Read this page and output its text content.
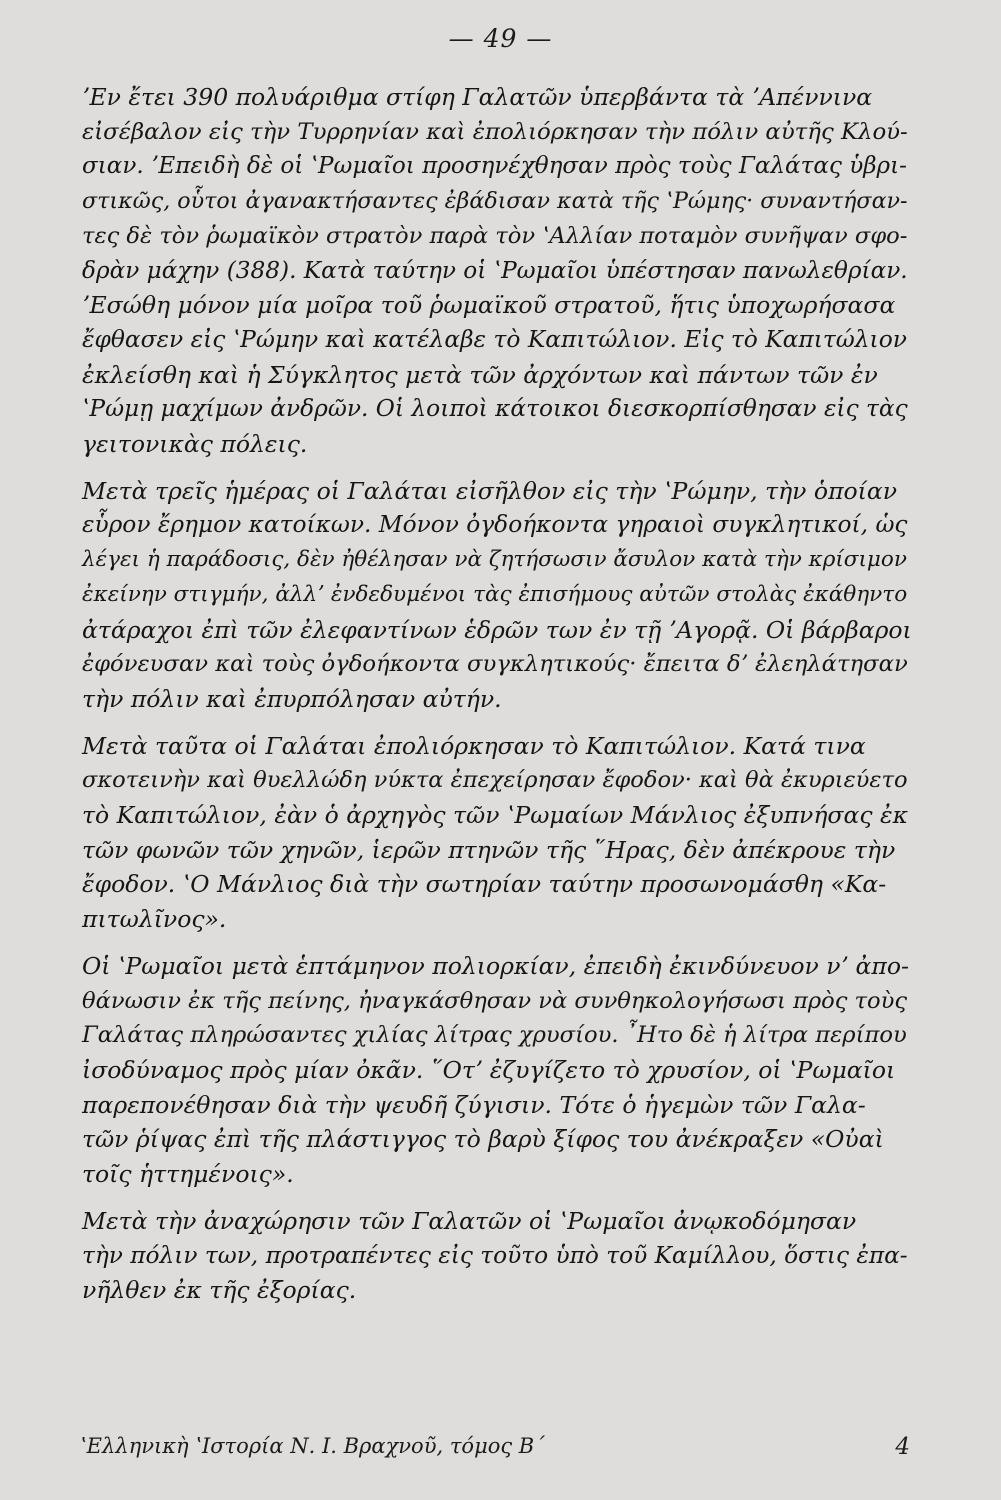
— 49 —

ʼΕν ἔτει 390 πολυάριθμα στίφη Γαλατῶν ὑπερβάντα τὰ ʼΑπέννινα
εἰσέβαλον εἰς τὴν Τυρρηνίαν καὶ ἐπολιόρκησαν τὴν πόλιν αὐτῆς Κλού-
σιαν. ʼΕπειδὴ δὲ οἱ ʽΡωμαῖοι προσηνέχθησαν πρὸς τοὺς Γαλάτας ὑβρι-
στικῶς, οὗτοι ἀγανακτήσαντες ἐβάδισαν κατὰ τῆς ʽΡώμης· συναντήσαν-
τες δὲ τὸν ῥωμαϊκὸν στρατὸν παρὰ τὸν ʽΑλλίαν ποταμὸν συνῆψαν σφο-
δρὰν μάχην (388). Κατὰ ταύτην οἱ ʽΡωμαῖοι ὑπέστησαν πανωλεθρίαν.
ʼΕσώθη μόνον μία μοῖρα τοῦ ῥωμαϊκοῦ στρατοῦ, ἥτις ὑποχωρήσασα
ἔφθασεν εἰς ʽΡώμην καὶ κατέλαβε τὸ Καπιτώλιον. Εἰς τὸ Καπιτώλιον
ἐκλείσθη καὶ ἡ Σύγκλητος μετὰ τῶν ἀρχόντων καὶ πάντων τῶν ἐν
ʽΡώμῃ μαχίμων ἀνδρῶν. Οἱ λοιποὶ κάτοικοι διεσκορπίσθησαν εἰς τὰς
γειτονικὰς πόλεις.

Μετὰ τρεῖς ἡμέρας οἱ Γαλάται εἰσῆλθον εἰς τὴν ʽΡώμην, τὴν ὁποίαν
εὗρον ἔρημον κατοίκων. Μόνον ὀγδοήκοντα γηραιοὶ συγκλητικοί, ὡς
λέγει ἡ παράδοσις, δὲν ἠθέλησαν νὰ ζητήσωσιν ἄσυλον κατὰ τὴν κρίσιμον
ἐκείνην στιγμήν, ἀλλʼ ἐνδεδυμένοι τὰς ἐπισήμους αὐτῶν στολὰς ἐκάθηντο
ἀτάραχοι ἐπὶ τῶν ἐλεφαντίνων ἑδρῶν των ἐν τῇ ʼΑγορᾷ. Οἱ βάρβαροι
ἐφόνευσαν καὶ τοὺς ὀγδοήκοντα συγκλητικούς· ἔπειτα δʼ ἐλεηλάτησαν
τὴν πόλιν καὶ ἐπυρπόλησαν αὐτήν.

Μετὰ ταῦτα οἱ Γαλάται ἐπολιόρκησαν τὸ Καπιτώλιον. Κατά τινα
σκοτεινὴν καὶ θυελλώδη νύκτα ἐπεχείρησαν ἔφοδον· καὶ θὰ ἐκυριεύετο
τὸ Καπιτώλιον, ἐὰν ὁ ἀρχηγὸς τῶν ʽΡωμαίων Μάνλιος ἐξυπνήσας ἐκ
τῶν φωνῶν τῶν χηνῶν, ἱερῶν πτηνῶν τῆς ῞Ηρας, δὲν ἀπέκρουε τὴν
ἔφοδον. ʽΟ Μάνλιος διὰ τὴν σωτηρίαν ταύτην προσωνομάσθη «Κα-
πιτωλῖνος».

Οἱ ʽΡωμαῖοι μετὰ ἑπτάμηνον πολιορκίαν, ἐπειδὴ ἐκινδύνευον νʼ ἀπο-
θάνωσιν ἐκ τῆς πείνης, ἠναγκάσθησαν νὰ συνθηκολογήσωσι πρὸς τοὺς
Γαλάτας πληρώσαντες χιλίας λίτρας χρυσίου. ῏Ητο δὲ ἡ λίτρα περίπου
ἰσοδύναμος πρὸς μίαν ὀκᾶν. ῞Οτʼ ἐζυγίζετο τὸ χρυσίον, οἱ ʽΡωμαῖοι
παρεπονέθησαν διὰ τὴν ψευδῆ ζύγισιν. Τότε ὁ ἡγεμὼν τῶν Γαλα-
τῶν ῥίψας ἐπὶ τῆς πλάστιγγος τὸ βαρὺ ξίφος του ἀνέκραξεν «Οὐαὶ
τοῖς ἡττημένοις».

Μετὰ τὴν ἀναχώρησιν τῶν Γαλατῶν οἱ ʽΡωμαῖοι ἀνῳκοδόμησαν
τὴν πόλιν των, προτραπέντες εἰς τοῦτο ὑπὸ τοῦ Καμίλλου, ὅστις ἐπα-
νῆλθεν ἐκ τῆς ἐξορίας.

ʽΕλληνικὴ ʽΙστορία Ν. Ι. Βραχνοῦ, τόμος Β΄	4
